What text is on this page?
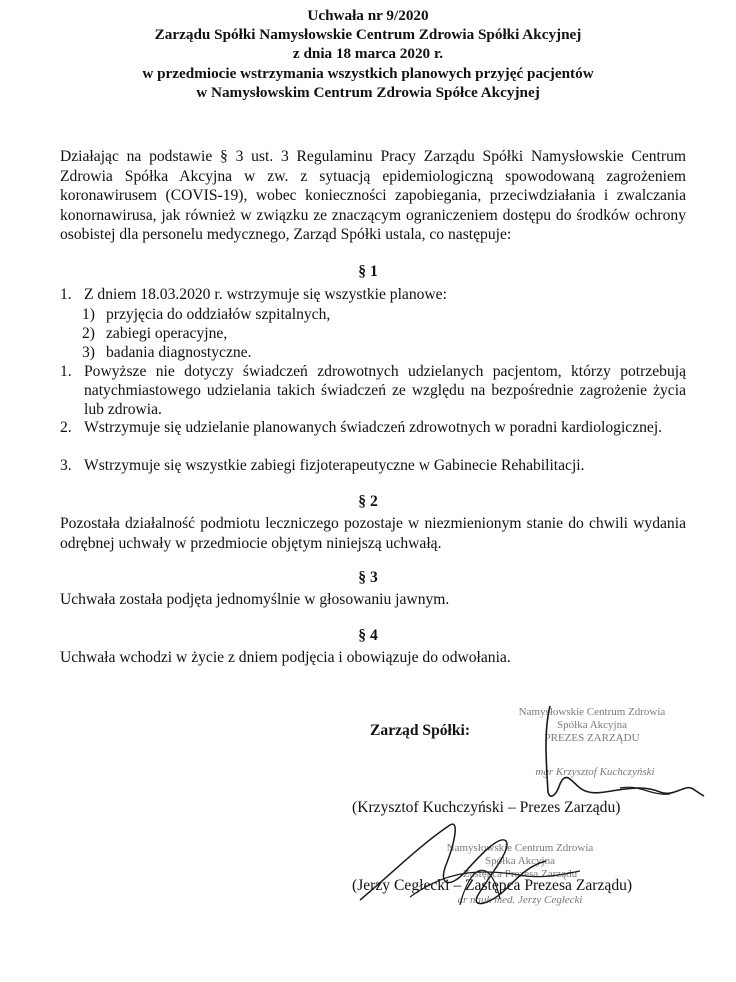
Uchwała nr 9/2020
Zarządu Spółki Namysłowskie Centrum Zdrowia Spółki Akcyjnej
z dnia 18 marca 2020 r.
w przedmiocie wstrzymania wszystkich planowych przyjęć pacjentów
w Namysłowskim Centrum Zdrowia Spółce Akcyjnej
Działając na podstawie § 3 ust. 3 Regulaminu Pracy Zarządu Spółki Namysłowskie Centrum Zdrowia Spółka Akcyjna w zw. z sytuacją epidemiologiczną spowodowaną zagrożeniem koronawirusem (COVIS-19), wobec konieczności zapobiegania, przeciwdziałania i zwalczania konornawirusa, jak również w związku ze znaczącym ograniczeniem dostępu do środków ochrony osobistej dla personelu medycznego, Zarząd Spółki ustala, co następuje:
§ 1
1. Z dniem 18.03.2020 r. wstrzymuje się wszystkie planowe:
1) przyjęcia do oddziałów szpitalnych,
2) zabiegi operacyjne,
3) badania diagnostyczne.
1. Powyższe nie dotyczy świadczeń zdrowotnych udzielanych pacjentom, którzy potrzebują natychmiastowego udzielania takich świadczeń ze względu na bezpośrednie zagrożenie życia lub zdrowia.
2. Wstrzymuje się udzielanie planowanych świadczeń zdrowotnych w poradni kardiologicznej.
3. Wstrzymuje się wszystkie zabiegi fizjoterapeutyczne w Gabinecie Rehabilitacji.
§ 2
Pozostała działalność podmiotu leczniczego pozostaje w niezmienionym stanie do chwili wydania odrębnej uchwały w przedmiocie objętym niniejszą uchwałą.
§ 3
Uchwała została podjęta jednomyślnie w głosowaniu jawnym.
§ 4
Uchwała wchodzi w życie z dniem podjęcia i obowiązuje do odwołania.
Zarząd Spółki:
Namysłowskie Centrum Zdrowia
Spółka Akcyjna
PREZES ZARZĄDU
mgr Krzysztof Kuchczyński
(Krzysztof Kuchczyński – Prezes Zarządu)
Namysłowskie Centrum Zdrowia
Spółka Akcyjna
Zastępca Prezesa Zarządu
dr nauk med. Jerzy Cegłecki
(Jerzy Cegłecki – Zastępca Prezesa Zarządu)
